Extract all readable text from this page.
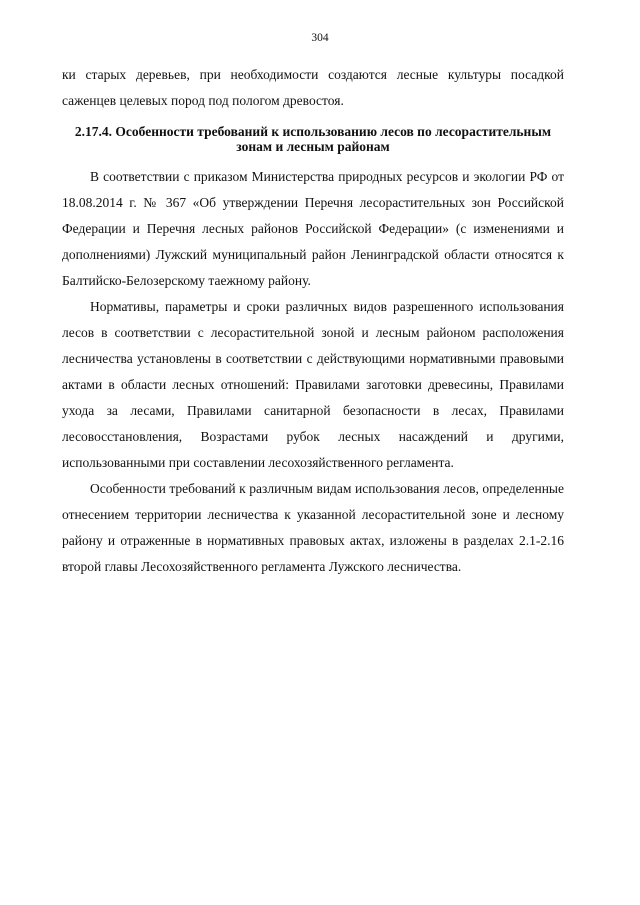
304

ки старых деревьев, при необходимости создаются лесные культуры посадкой саженцев целевых пород под пологом древостоя.

2.17.4. Особенности требований к использованию лесов по лесорастительным зонам и лесным районам

В соответствии с приказом Министерства природных ресурсов и экологии РФ от 18.08.2014 г. № 367 «Об утверждении Перечня лесорастительных зон Российской Федерации и Перечня лесных районов Российской Федерации» (с изменениями и дополнениями) Лужский муниципальный район Ленинградской области относятся к Балтийско-Белозерскому таежному району.

Нормативы, параметры и сроки различных видов разрешенного использования лесов в соответствии с лесорастительной зоной и лесным районом расположения лесничества установлены в соответствии с действующими нормативными правовыми актами в области лесных отношений: Правилами заготовки древесины, Правилами ухода за лесами, Правилами санитарной безопасности в лесах, Правилами лесовосстановления, Возрастами рубок лесных насаждений и другими, использованными при составлении лесохозяйственного регламента.

Особенности требований к различным видам использования лесов, определенные отнесением территории лесничества к указанной лесорастительной зоне и лесному району и отраженные в нормативных правовых актах, изложены в разделах 2.1-2.16 второй главы Лесохозяйственного регламента Лужского лесничества.
